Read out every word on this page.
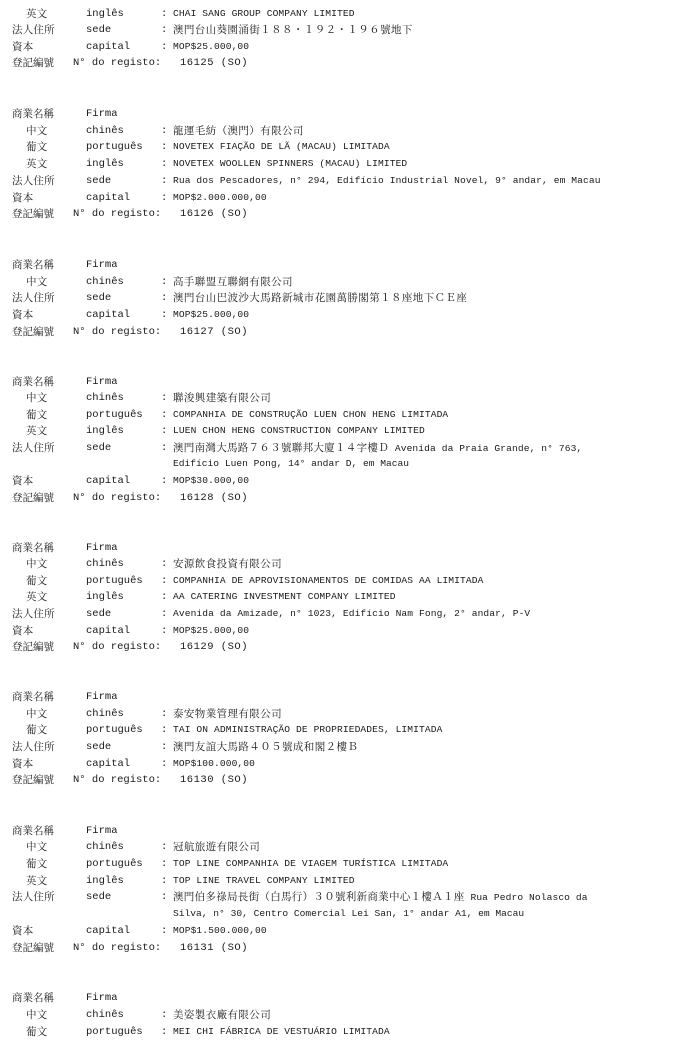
英文	inglês	: CHAI SANG GROUP COMPANY LIMITED
法人住所	sede	: 澳門台山葵園涌街１８８・１９２・１９６號地下
資本	capital	: MOP$25.000,00
登記編號 N° do registo: 16125 (SO)
商業名稱	Firma
中文	chinês	: 龍運毛紡（澳門）有限公司
葡文	português : NOVETEX FIAÇÃO DE LÃ (MACAU) LIMITADA
英文	inglês	: NOVETEX WOOLLEN SPINNERS (MACAU) LIMITED
法人住所	sede	: Rua dos Pescadores, n° 294, Edifício Industrial Novel, 9° andar, em Macau
資本	capital	: MOP$2.000.000,00
登記編號 N° do registo: 16126 (SO)
商業名稱	Firma
中文	chinês	: 高手聯盟互聯網有限公司
法人住所	sede	: 澳門台山巴波沙大馬路新城市花園萬勝閣第１８座地下ＣＥ座
資本	capital	: MOP$25.000,00
登記編號 N° do registo: 16127 (SO)
商業名稱	Firma
中文	chinês	: 聯浚興建築有限公司
葡文	português : COMPANHIA DE CONSTRUÇÃO LUEN CHON HENG LIMITADA
英文	inglês	: LUEN CHON HENG CONSTRUCTION COMPANY LIMITED
法人住所	sede	: 澳門南灣大馬路７６３號聯邦大廈１４字樓Ｄ Avenida da Praia Grande, n° 763,
Edifício Luen Pong, 14° andar D, em Macau
資本	capital	: MOP$30.000,00
登記編號 N° do registo: 16128 (SO)
商業名稱	Firma
中文	chinês	: 安源飲食投資有限公司
葡文	português : COMPANHIA DE APROVISIONAMENTOS DE COMIDAS AA LIMITADA
英文	inglês	: AA CATERING INVESTMENT COMPANY LIMITED
法人住所	sede	: Avenida da Amizade, n° 1023, Edifício Nam Fong, 2° andar, P-V
資本	capital	: MOP$25.000,00
登記編號 N° do registo: 16129 (SO)
商業名稱	Firma
中文	chinês	: 泰安物業管理有限公司
葡文	português : TAI ON ADMINISTRAÇÃO DE PROPRIEDADES, LIMITADA
法人住所	sede	: 澳門友誼大馬路４０５號成和閣２樓Ｂ
資本	capital	: MOP$100.000,00
登記編號 N° do registo: 16130 (SO)
商業名稱	Firma
中文	chinês	: 冠航旅遊有限公司
葡文	português : TOP LINE COMPANHIA DE VIAGEM TURÍSTICA LIMITADA
英文	inglês	: TOP LINE TRAVEL COMPANY LIMITED
法人住所	sede	: 澳門伯多祿局長街（白馬行）３０號利新商業中心１樓Ａ１座 Rua Pedro Nolasco da
Silva, n° 30, Centro Comercial Lei San, 1° andar A1, em Macau
資本	capital	: MOP$1.500.000,00
登記編號 N° do registo: 16131 (SO)
商業名稱	Firma
中文	chinês	: 美姿製衣廠有限公司
葡文	português : MEI CHI FÁBRICA DE VESTUÁRIO LIMITADA
